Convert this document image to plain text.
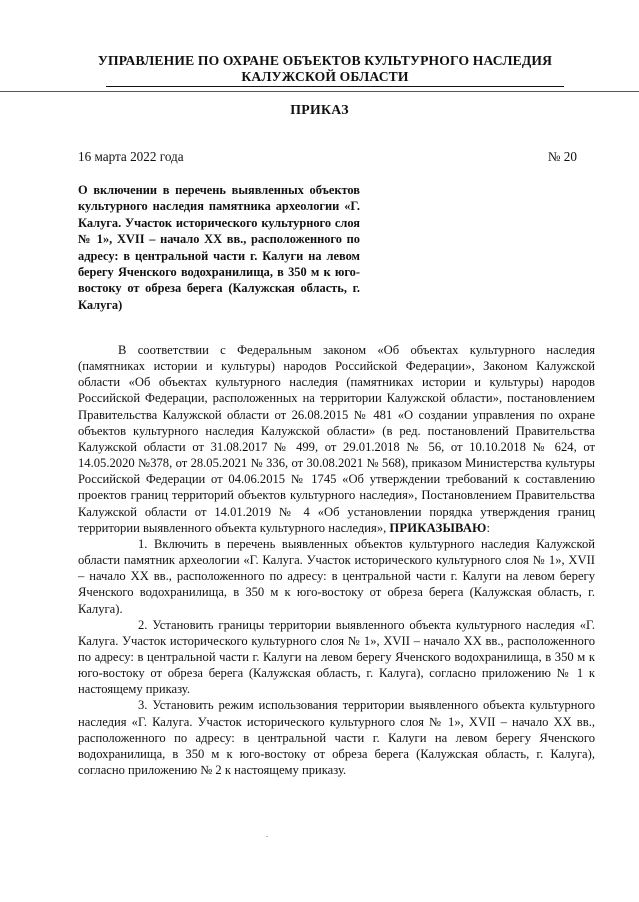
УПРАВЛЕНИЕ ПО ОХРАНЕ ОБЪЕКТОВ КУЛЬТУРНОГО НАСЛЕДИЯ

КАЛУЖСКОЙ ОБЛАСТИ
ПРИКАЗ
16 марта 2022 года	№ 20
О включении в перечень выявленных объектов культурного наследия памятника археологии «Г. Калуга. Участок исторического культурного слоя № 1», XVII – начало XX вв., расположенного по адресу: в центральной части г. Калуги на левом берегу Яченского водохранилища, в 350 м к юго-востоку от обреза берега (Калужская область, г. Калуга)

В соответствии с Федеральным законом «Об объектах культурного наследия (памятниках истории и культуры) народов Российской Федерации», Законом Калужской области «Об объектах культурного наследия (памятниках истории и культуры) народов Российской Федерации, расположенных на территории Калужской области», постановлением Правительства Калужской области от 26.08.2015 № 481 «О создании управления по охране объектов культурного наследия Калужской области» (в ред. постановлений Правительства Калужской области от 31.08.2017 № 499, от 29.01.2018 № 56, от 10.10.2018 № 624, от 14.05.2020 №378, от 28.05.2021 № 336, от 30.08.2021 № 568), приказом Министерства культуры Российской Федерации от 04.06.2015 № 1745 «Об утверждении требований к составлению проектов границ территорий объектов культурного наследия», Постановлением Правительства Калужской области от 14.01.2019 № 4 «Об установлении порядка утверждения границ территории выявленного объекта культурного наследия», ПРИКАЗЫВАЮ:

1. Включить в перечень выявленных объектов культурного наследия Калужской области памятник археологии «Г. Калуга. Участок исторического культурного слоя № 1», XVII – начало XX вв., расположенного по адресу: в центральной части г. Калуги на левом берегу Яченского водохранилища, в 350 м к юго-востоку от обреза берега (Калужская область, г. Калуга).

2. Установить границы территории выявленного объекта культурного наследия «Г. Калуга. Участок исторического культурного слоя № 1», XVII – начало XX вв., расположенного по адресу: в центральной части г. Калуги на левом берегу Яченского водохранилища, в 350 м к юго-востоку от обреза берега (Калужская область, г. Калуга), согласно приложению № 1 к настоящему приказу.

3. Установить режим использования территории выявленного объекта культурного наследия «Г. Калуга. Участок исторического культурного слоя № 1», XVII – начало XX вв., расположенного по адресу: в центральной части г. Калуги на левом берегу Яченского водохранилища, в 350 м к юго-востоку от обреза берега (Калужская область, г. Калуга), согласно приложению № 2 к настоящему приказу.
